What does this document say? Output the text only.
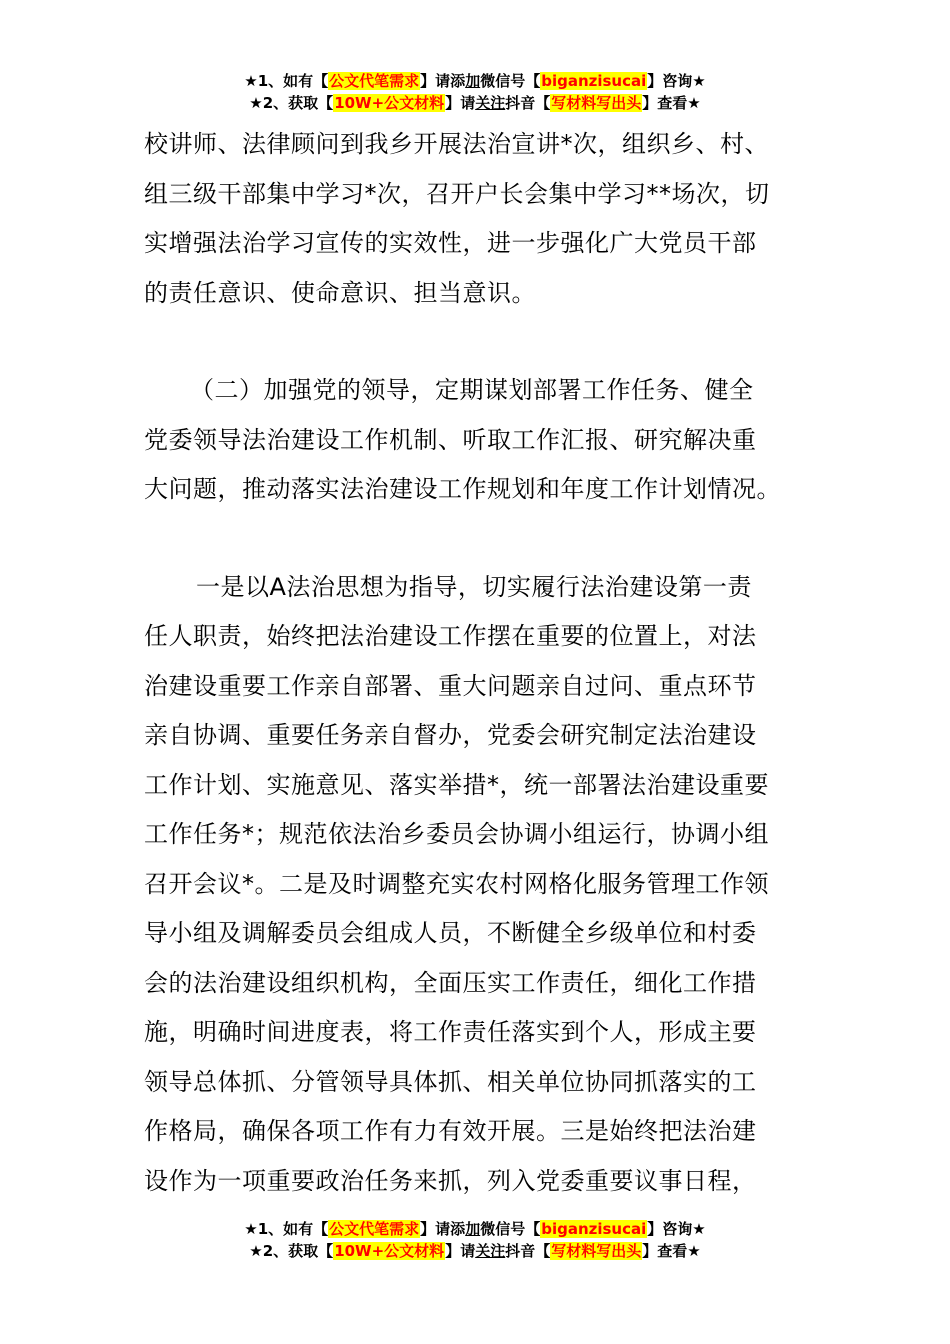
★1、如有【公文代笔需求】请添加微信号【biganzisucai】咨询★
★2、获取【10W+公文材料】请关注抖音【写材料写出头】查看★
校讲师、法律顾问到我乡开展法治宣讲*次，组织乡、村、
组三级干部集中学习*次，召开户长会集中学习**场次，切
实增强法治学习宣传的实效性，进一步强化广大党员干部
的责任意识、使命意识、担当意识。
（二）加强党的领导，定期谋划部署工作任务、健全
党委领导法治建设工作机制、听取工作汇报、研究解决重
大问题，推动落实法治建设工作规划和年度工作计划情况。
一是以A法治思想为指导，切实履行法治建设第一责
任人职责，始终把法治建设工作摆在重要的位置上，对法
治建设重要工作亲自部署、重大问题亲自过问、重点环节
亲自协调、重要任务亲自督办，党委会研究制定法治建设
工作计划、实施意见、落实举措*，统一部署法治建设重要
工作任务*；规范依法治乡委员会协调小组运行，协调小组
召开会议*。二是及时调整充实农村网格化服务管理工作领
导小组及调解委员会组成人员，不断健全乡级单位和村委
会的法治建设组织机构，全面压实工作责任，细化工作措
施，明确时间进度表，将工作责任落实到个人，形成主要
领导总体抓、分管领导具体抓、相关单位协同抓落实的工
作格局，确保各项工作有力有效开展。三是始终把法治建
设作为一项重要政治任务来抓，列入党委重要议事日程，
★1、如有【公文代笔需求】请添加微信号【biganzisucai】咨询★
★2、获取【10W+公文材料】请关注抖音【写材料写出头】查看★
